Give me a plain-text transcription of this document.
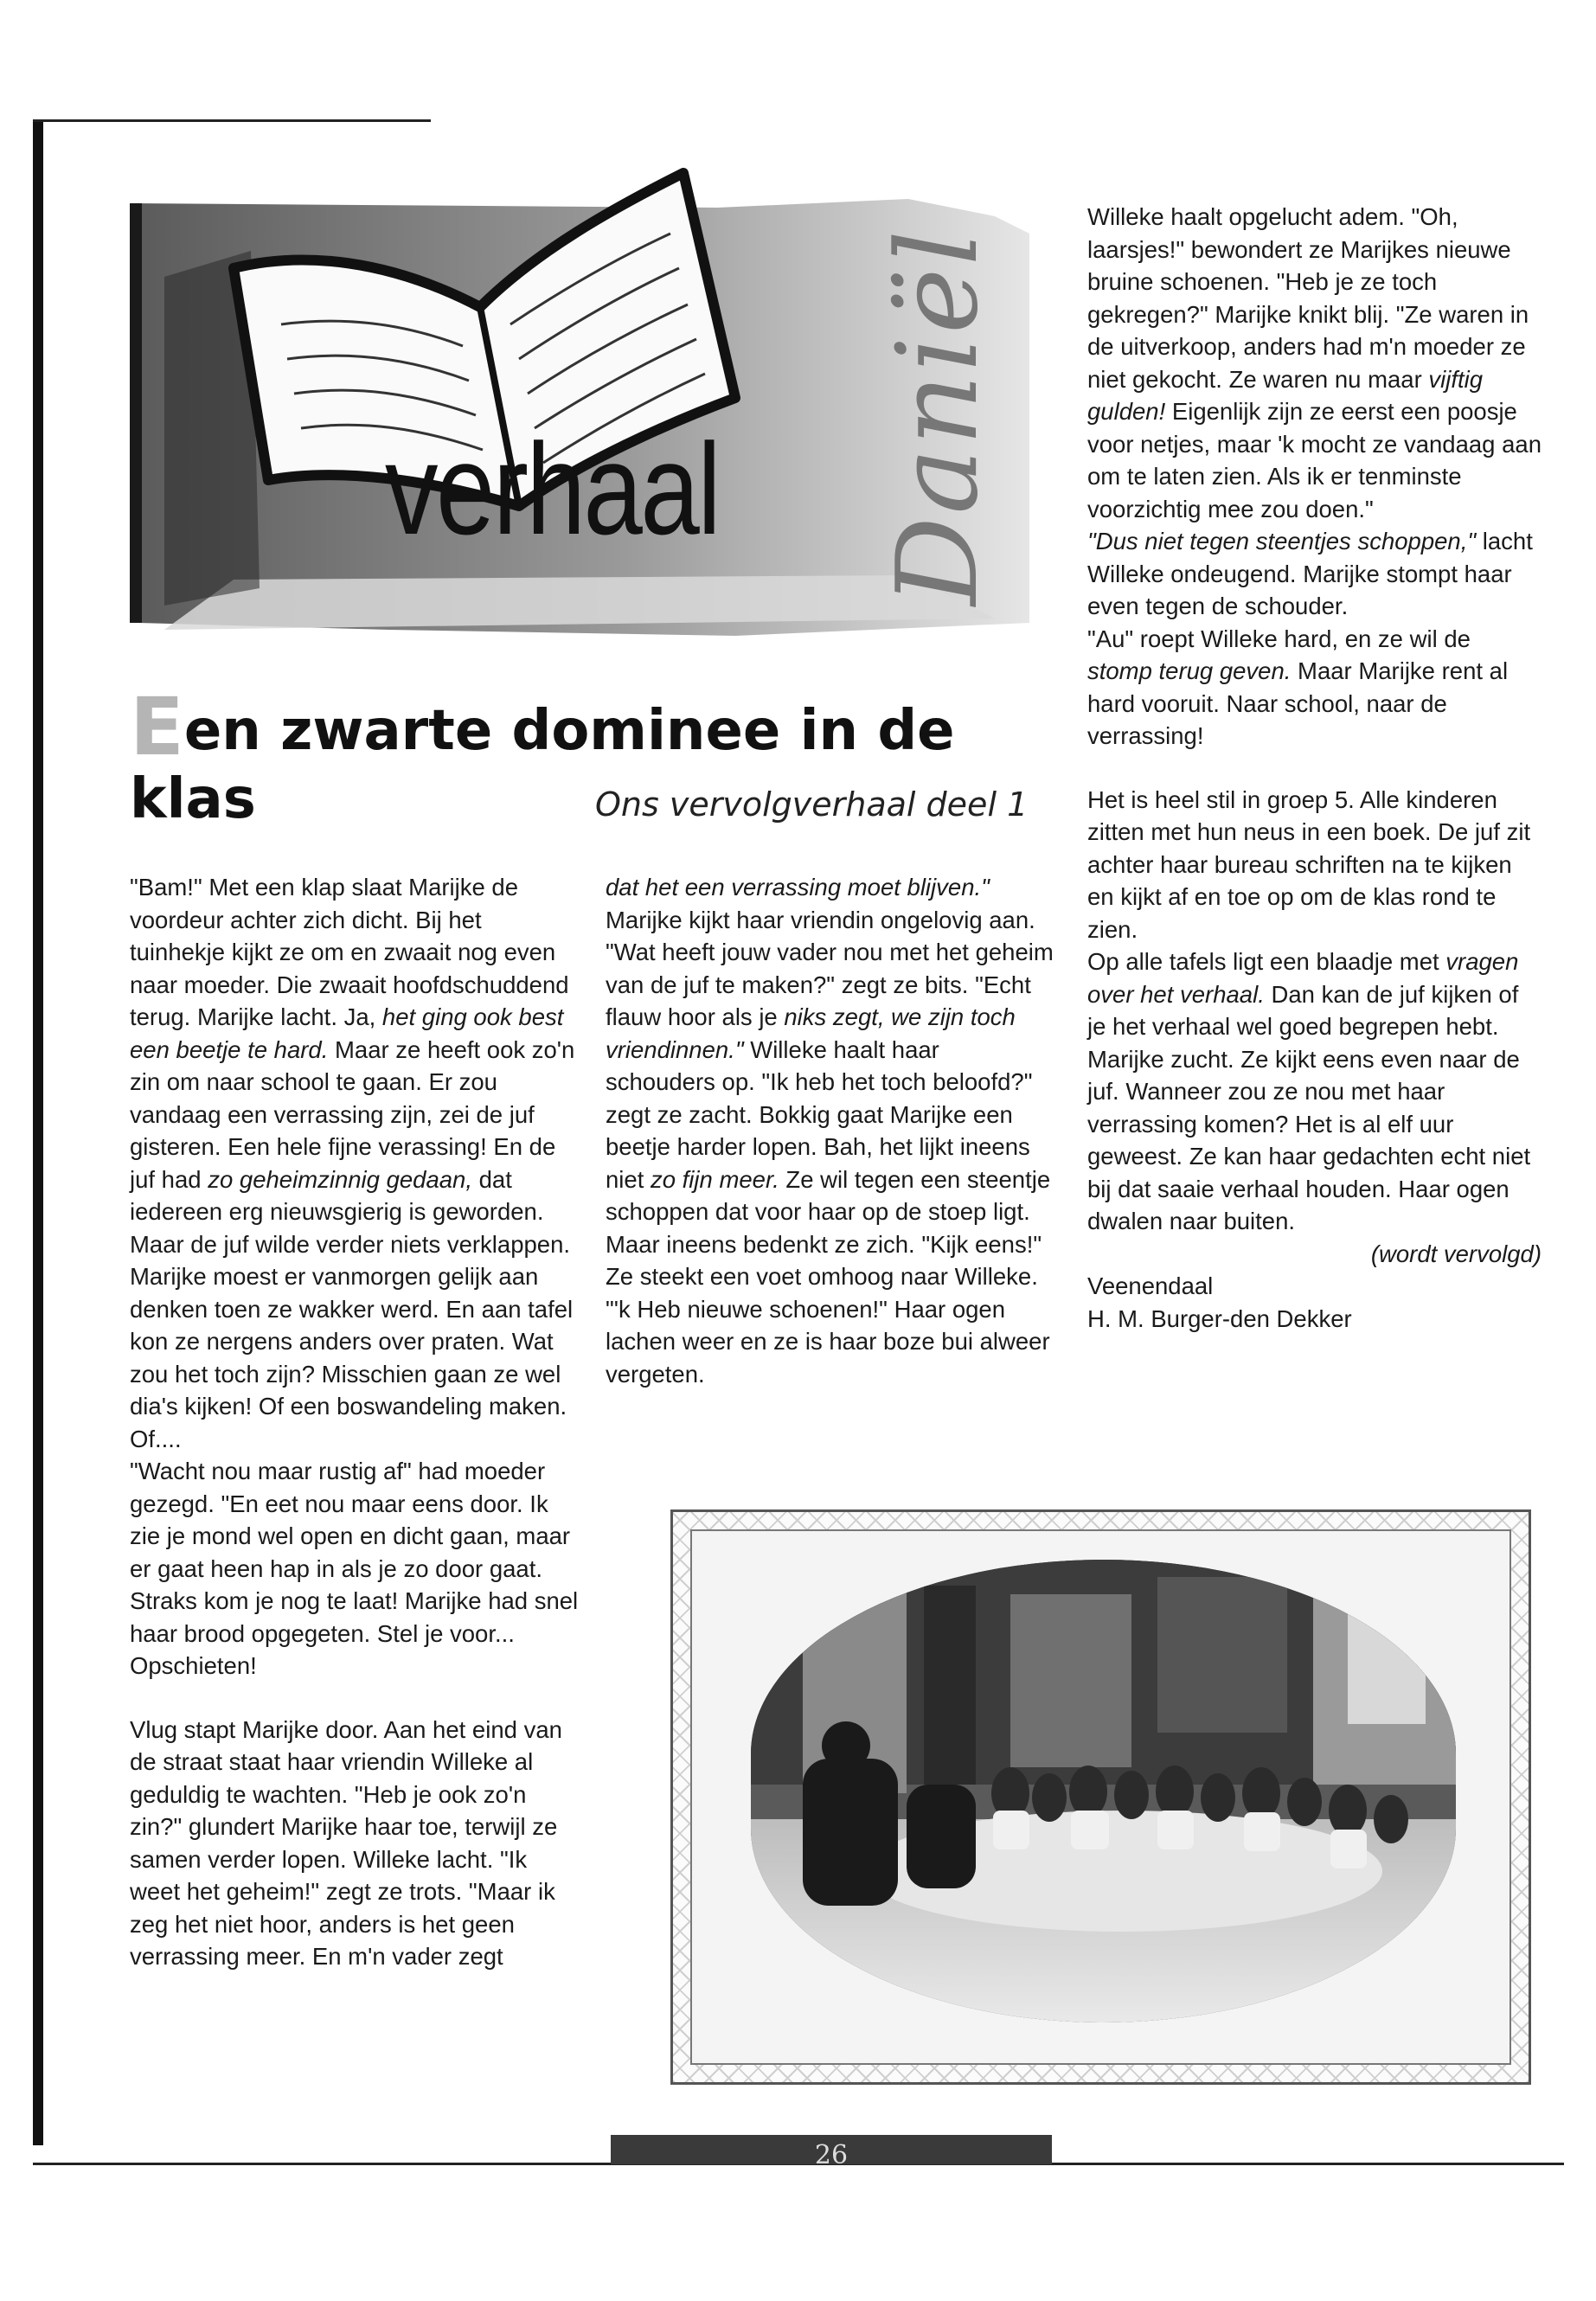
verhaal Daniël
Een zwarte dominee in de klas	Ons vervolgverhaal deel 1

"Bam!" Met een klap slaat Marijke de voordeur achter zich dicht. Bij het tuinhekje kijkt ze om en zwaait nog even naar moeder. Die zwaait hoofdschuddend terug. Marijke lacht. Ja, het ging ook best een beetje te hard. Maar ze heeft ook zo'n zin om naar school te gaan. Er zou vandaag een verrassing zijn, zei de juf gisteren. Een hele fijne verassing! En de juf had zo geheimzinnig gedaan, dat iedereen erg nieuwsgierig is geworden. Maar de juf wilde verder niets verklappen. Marijke moest er vanmorgen gelijk aan denken toen ze wakker werd. En aan tafel kon ze nergens anders over praten. Wat zou het toch zijn? Misschien gaan ze wel dia's kijken! Of een boswandeling maken. Of....

"Wacht nou maar rustig af" had moeder gezegd. "En eet nou maar eens door. Ik zie je mond wel open en dicht gaan, maar er gaat heen hap in als je zo door gaat. Straks kom je nog te laat! Marijke had snel haar brood opgegeten. Stel je voor... Opschieten!

Vlug stapt Marijke door. Aan het eind van de straat staat haar vriendin Willeke al geduldig te wachten. "Heb je ook zo'n zin?" glundert Marijke haar toe, terwijl ze samen verder lopen. Willeke lacht. "Ik weet het geheim!" zegt ze trots. "Maar ik zeg het niet hoor, anders is het geen verrassing meer. En m'n vader zegt

dat het een verrassing moet blijven." Marijke kijkt haar vriendin ongelovig aan. "Wat heeft jouw vader nou met het geheim van de juf te maken?" zegt ze bits. "Echt flauw hoor als je niks zegt, we zijn toch vriendinnen." Willeke haalt haar schouders op. "Ik heb het toch beloofd?" zegt ze zacht. Bokkig gaat Marijke een beetje harder lopen. Bah, het lijkt ineens niet zo fijn meer. Ze wil tegen een steentje schoppen dat voor haar op de stoep ligt. Maar ineens bedenkt ze zich. "Kijk eens!" Ze steekt een voet omhoog naar Willeke. "'k Heb nieuwe schoenen!" Haar ogen lachen weer en ze is haar boze bui alweer vergeten.

Willeke haalt opgelucht adem. "Oh, laarsjes!" bewondert ze Marijkes nieuwe bruine schoenen. "Heb je ze toch gekregen?" Marijke knikt blij. "Ze waren in de uitverkoop, anders had m'n moeder ze niet gekocht. Ze waren nu maar vijftig gulden! Eigenlijk zijn ze eerst een poosje voor netjes, maar 'k mocht ze vandaag aan om te laten zien. Als ik er tenminste voorzichtig mee zou doen."

"Dus niet tegen steentjes schoppen," lacht Willeke ondeugend. Marijke stompt haar even tegen de schouder.

"Au" roept Willeke hard, en ze wil de stomp terug geven. Maar Marijke rent al hard vooruit. Naar school, naar de verrassing!

Het is heel stil in groep 5. Alle kinderen zitten met hun neus in een boek. De juf zit achter haar bureau schriften na te kijken en kijkt af en toe op om de klas rond te zien.

Op alle tafels ligt een blaadje met vragen over het verhaal. Dan kan de juf kijken of je het verhaal wel goed begrepen hebt. Marijke zucht. Ze kijkt eens even naar de juf. Wanneer zou ze nou met haar verrassing komen? Het is al elf uur geweest. Ze kan haar gedachten echt niet bij dat saaie verhaal houden. Haar ogen dwalen naar buiten.

(wordt vervolgd)

Veenendaal

H. M. Burger-den Dekker

26
